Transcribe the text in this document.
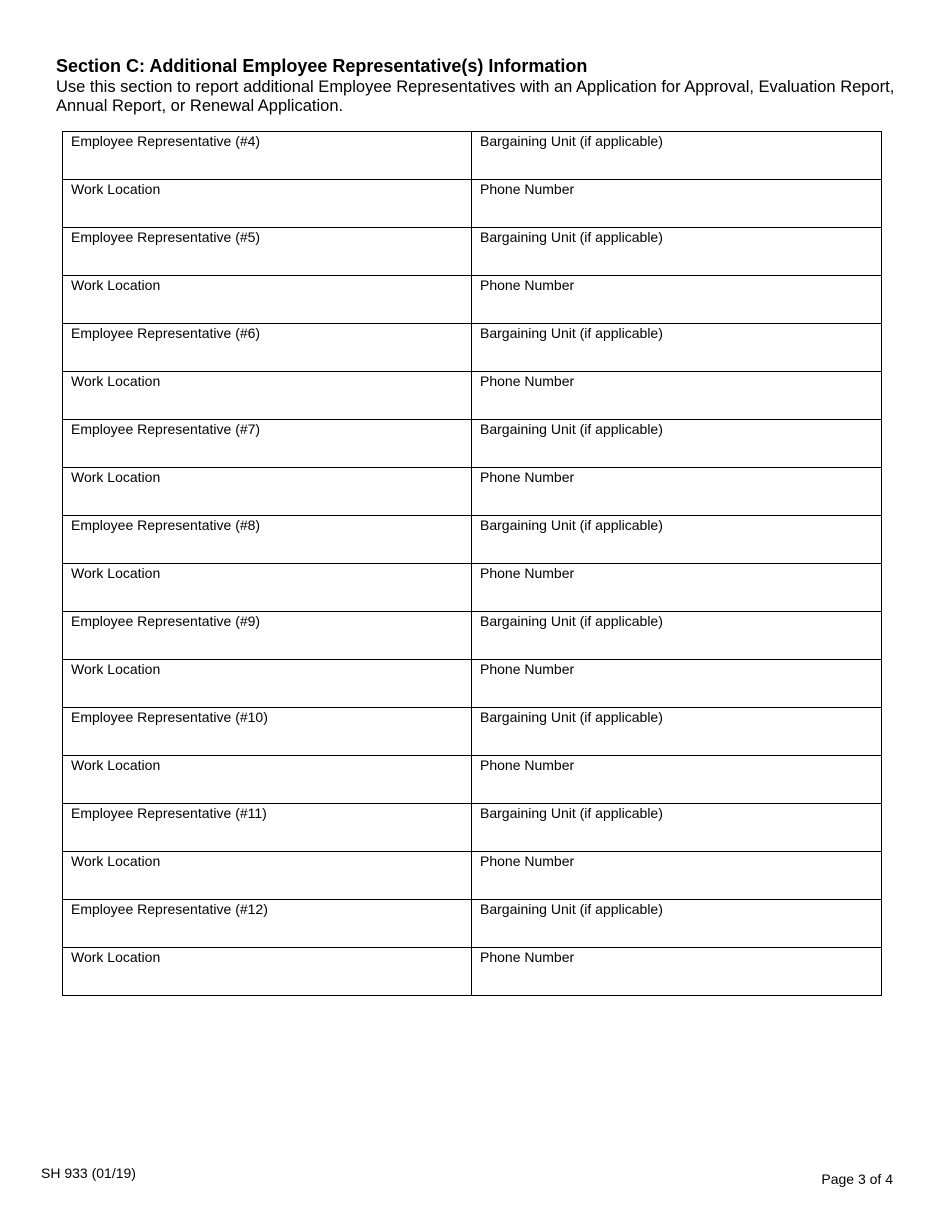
Section C: Additional Employee Representative(s) Information

Use this section to report additional Employee Representatives with an Application for Approval, Evaluation Report, Annual Report, or Renewal Application.

Employee Representative (#4)	Bargaining Unit (if applicable)

Work Location	Phone Number

Employee Representative (#5)	Bargaining Unit (if applicable)

Work Location	Phone Number

Employee Representative (#6)	Bargaining Unit (if applicable)

Work Location	Phone Number

Employee Representative (#7)	Bargaining Unit (if applicable)

Work Location	Phone Number

Employee Representative (#8)	Bargaining Unit (if applicable)

Work Location	Phone Number

Employee Representative (#9)	Bargaining Unit (if applicable)

Work Location	Phone Number

Employee Representative (#10)	Bargaining Unit (if applicable)

Work Location	Phone Number

Employee Representative (#11)	Bargaining Unit (if applicable)

Work Location	Phone Number

Employee Representative (#12)	Bargaining Unit (if applicable)

Work Location	Phone Number
SH 933 (01/19)	Page 3 of 4
